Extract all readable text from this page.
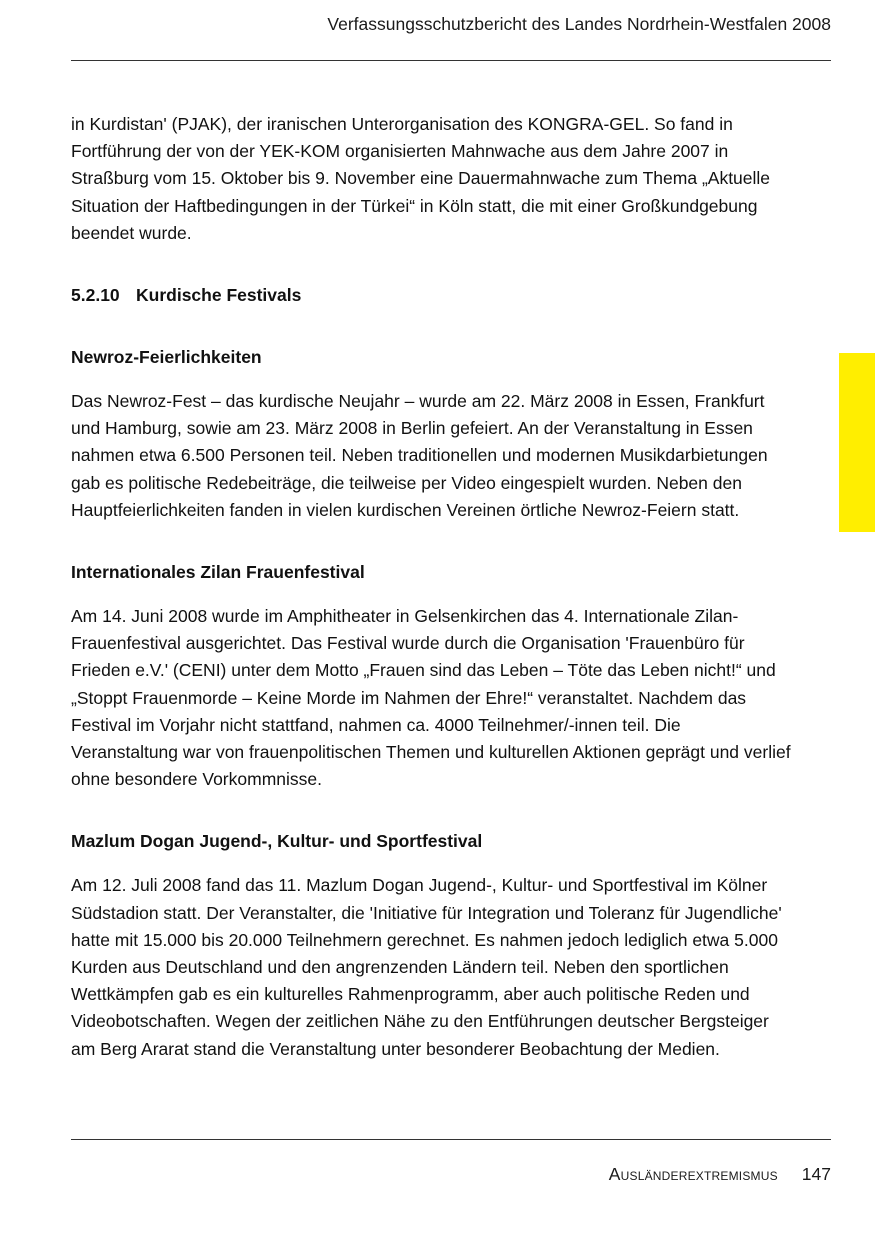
Verfassungsschutzbericht des Landes Nordrhein-Westfalen 2008

in Kurdistan' (PJAK), der iranischen Unterorganisation des KONGRA-GEL. So fand in Fortführung der von der YEK-KOM organisierten Mahnwache aus dem Jahre 2007 in Straßburg vom 15. Oktober bis 9. November eine Dauermahnwache zum Thema „Aktuelle Situation der Haftbedingungen in der Türkei“ in Köln statt, die mit einer Großkundgebung beendet wurde.

5.2.10 Kurdische Festivals
Newroz-Feierlichkeiten

Das Newroz-Fest – das kurdische Neujahr – wurde am 22. März 2008 in Essen, Frankfurt und Hamburg, sowie am 23. März 2008 in Berlin gefeiert. An der Veranstaltung in Essen nahmen etwa 6.500 Personen teil. Neben traditionellen und modernen Musikdarbietungen gab es politische Redebeiträge, die teilweise per Video eingespielt wurden. Neben den Hauptfeierlichkeiten fanden in vielen kurdischen Vereinen örtliche Newroz-Feiern statt.

Internationales Zilan Frauenfestival

Am 14. Juni 2008 wurde im Amphitheater in Gelsenkirchen das 4. Internationale Zilan-Frauenfestival ausgerichtet. Das Festival wurde durch die Organisation 'Frauenbüro für Frieden e.V.' (CENI) unter dem Motto „Frauen sind das Leben – Töte das Leben nicht!“ und „Stoppt Frauenmorde – Keine Morde im Nahmen der Ehre!“ veranstaltet. Nachdem das Festival im Vorjahr nicht stattfand, nahmen ca. 4000 Teilnehmer/-innen teil. Die Veranstaltung war von frauenpolitischen Themen und kulturellen Aktionen geprägt und verlief ohne besondere Vorkommnisse.

Mazlum Dogan Jugend-, Kultur- und Sportfestival

Am 12. Juli 2008 fand das 11. Mazlum Dogan Jugend-, Kultur- und Sportfestival im Kölner Südstadion statt. Der Veranstalter, die 'Initiative für Integration und Toleranz für Jugendliche' hatte mit 15.000 bis 20.000 Teilnehmern gerechnet. Es nahmen jedoch lediglich etwa 5.000 Kurden aus Deutschland und den angrenzenden Ländern teil. Neben den sportlichen Wettkämpfen gab es ein kulturelles Rahmenprogramm, aber auch politische Reden und Videobotschaften. Wegen der zeitlichen Nähe zu den Entführungen deutscher Bergsteiger am Berg Ararat stand die Veranstaltung unter besonderer Beobachtung der Medien.

Ausländerextremismus 147
